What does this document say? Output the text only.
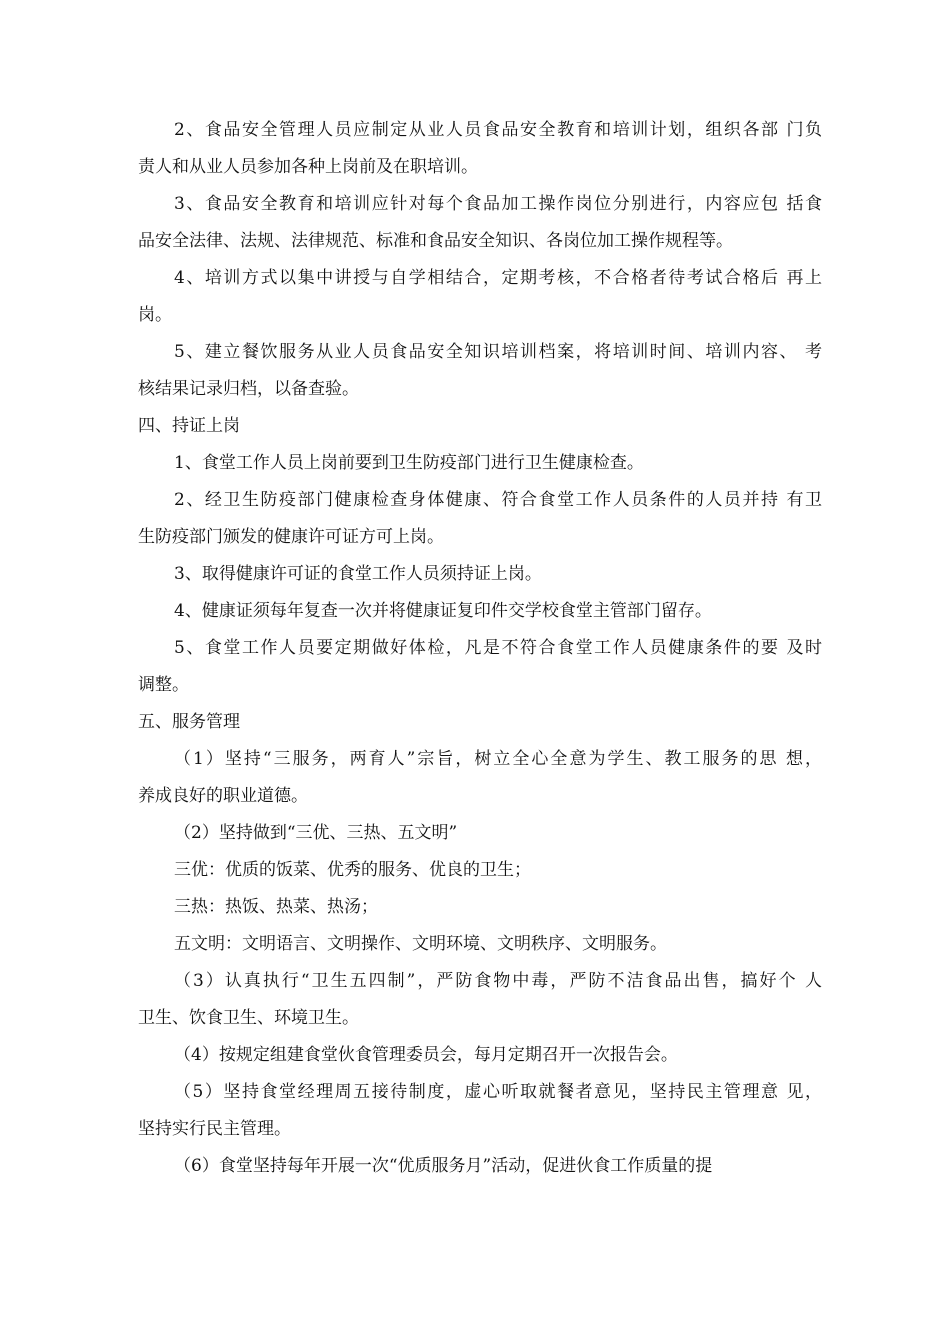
2、食品安全管理人员应制定从业人员食品安全教育和培训计划，组织各部 门负

责人和从业人员参加各种上岗前及在职培训。

3、食品安全教育和培训应针对每个食品加工操作岗位分别进行，内容应包 括食

品安全法律、法规、法律规范、标准和食品安全知识、各岗位加工操作规程等。

4、培训方式以集中讲授与自学相结合，定期考核，不合格者待考试合格后 再上

岗。

5、建立餐饮服务从业人员食品安全知识培训档案，将培训时间、培训内容、 考

核结果记录归档，以备查验。

四、持证上岗

1、食堂工作人员上岗前要到卫生防疫部门进行卫生健康检查。

2、经卫生防疫部门健康检查身体健康、符合食堂工作人员条件的人员并持 有卫

生防疫部门颁发的健康许可证方可上岗。

3、取得健康许可证的食堂工作人员须持证上岗。

4、健康证须每年复查一次并将健康证复印件交学校食堂主管部门留存。

5、食堂工作人员要定期做好体检，凡是不符合食堂工作人员健康条件的要 及时

调整。

五、服务管理

（1）坚持“三服务，两育人”宗旨，树立全心全意为学生、教工服务的思 想，

养成良好的职业道德。

（2）坚持做到“三优、三热、五文明”

三优：优质的饭菜、优秀的服务、优良的卫生；

三热：热饭、热菜、热汤；

五文明：文明语言、文明操作、文明环境、文明秩序、文明服务。

（3）认真执行“卫生五四制”，严防食物中毒，严防不洁食品出售，搞好个 人

卫生、饮食卫生、环境卫生。

（4）按规定组建食堂伙食管理委员会，每月定期召开一次报告会。

（5）坚持食堂经理周五接待制度，虚心听取就餐者意见，坚持民主管理意 见，

坚持实行民主管理。

（6）食堂坚持每年开展一次“优质服务月”活动，促进伙食工作质量的提
